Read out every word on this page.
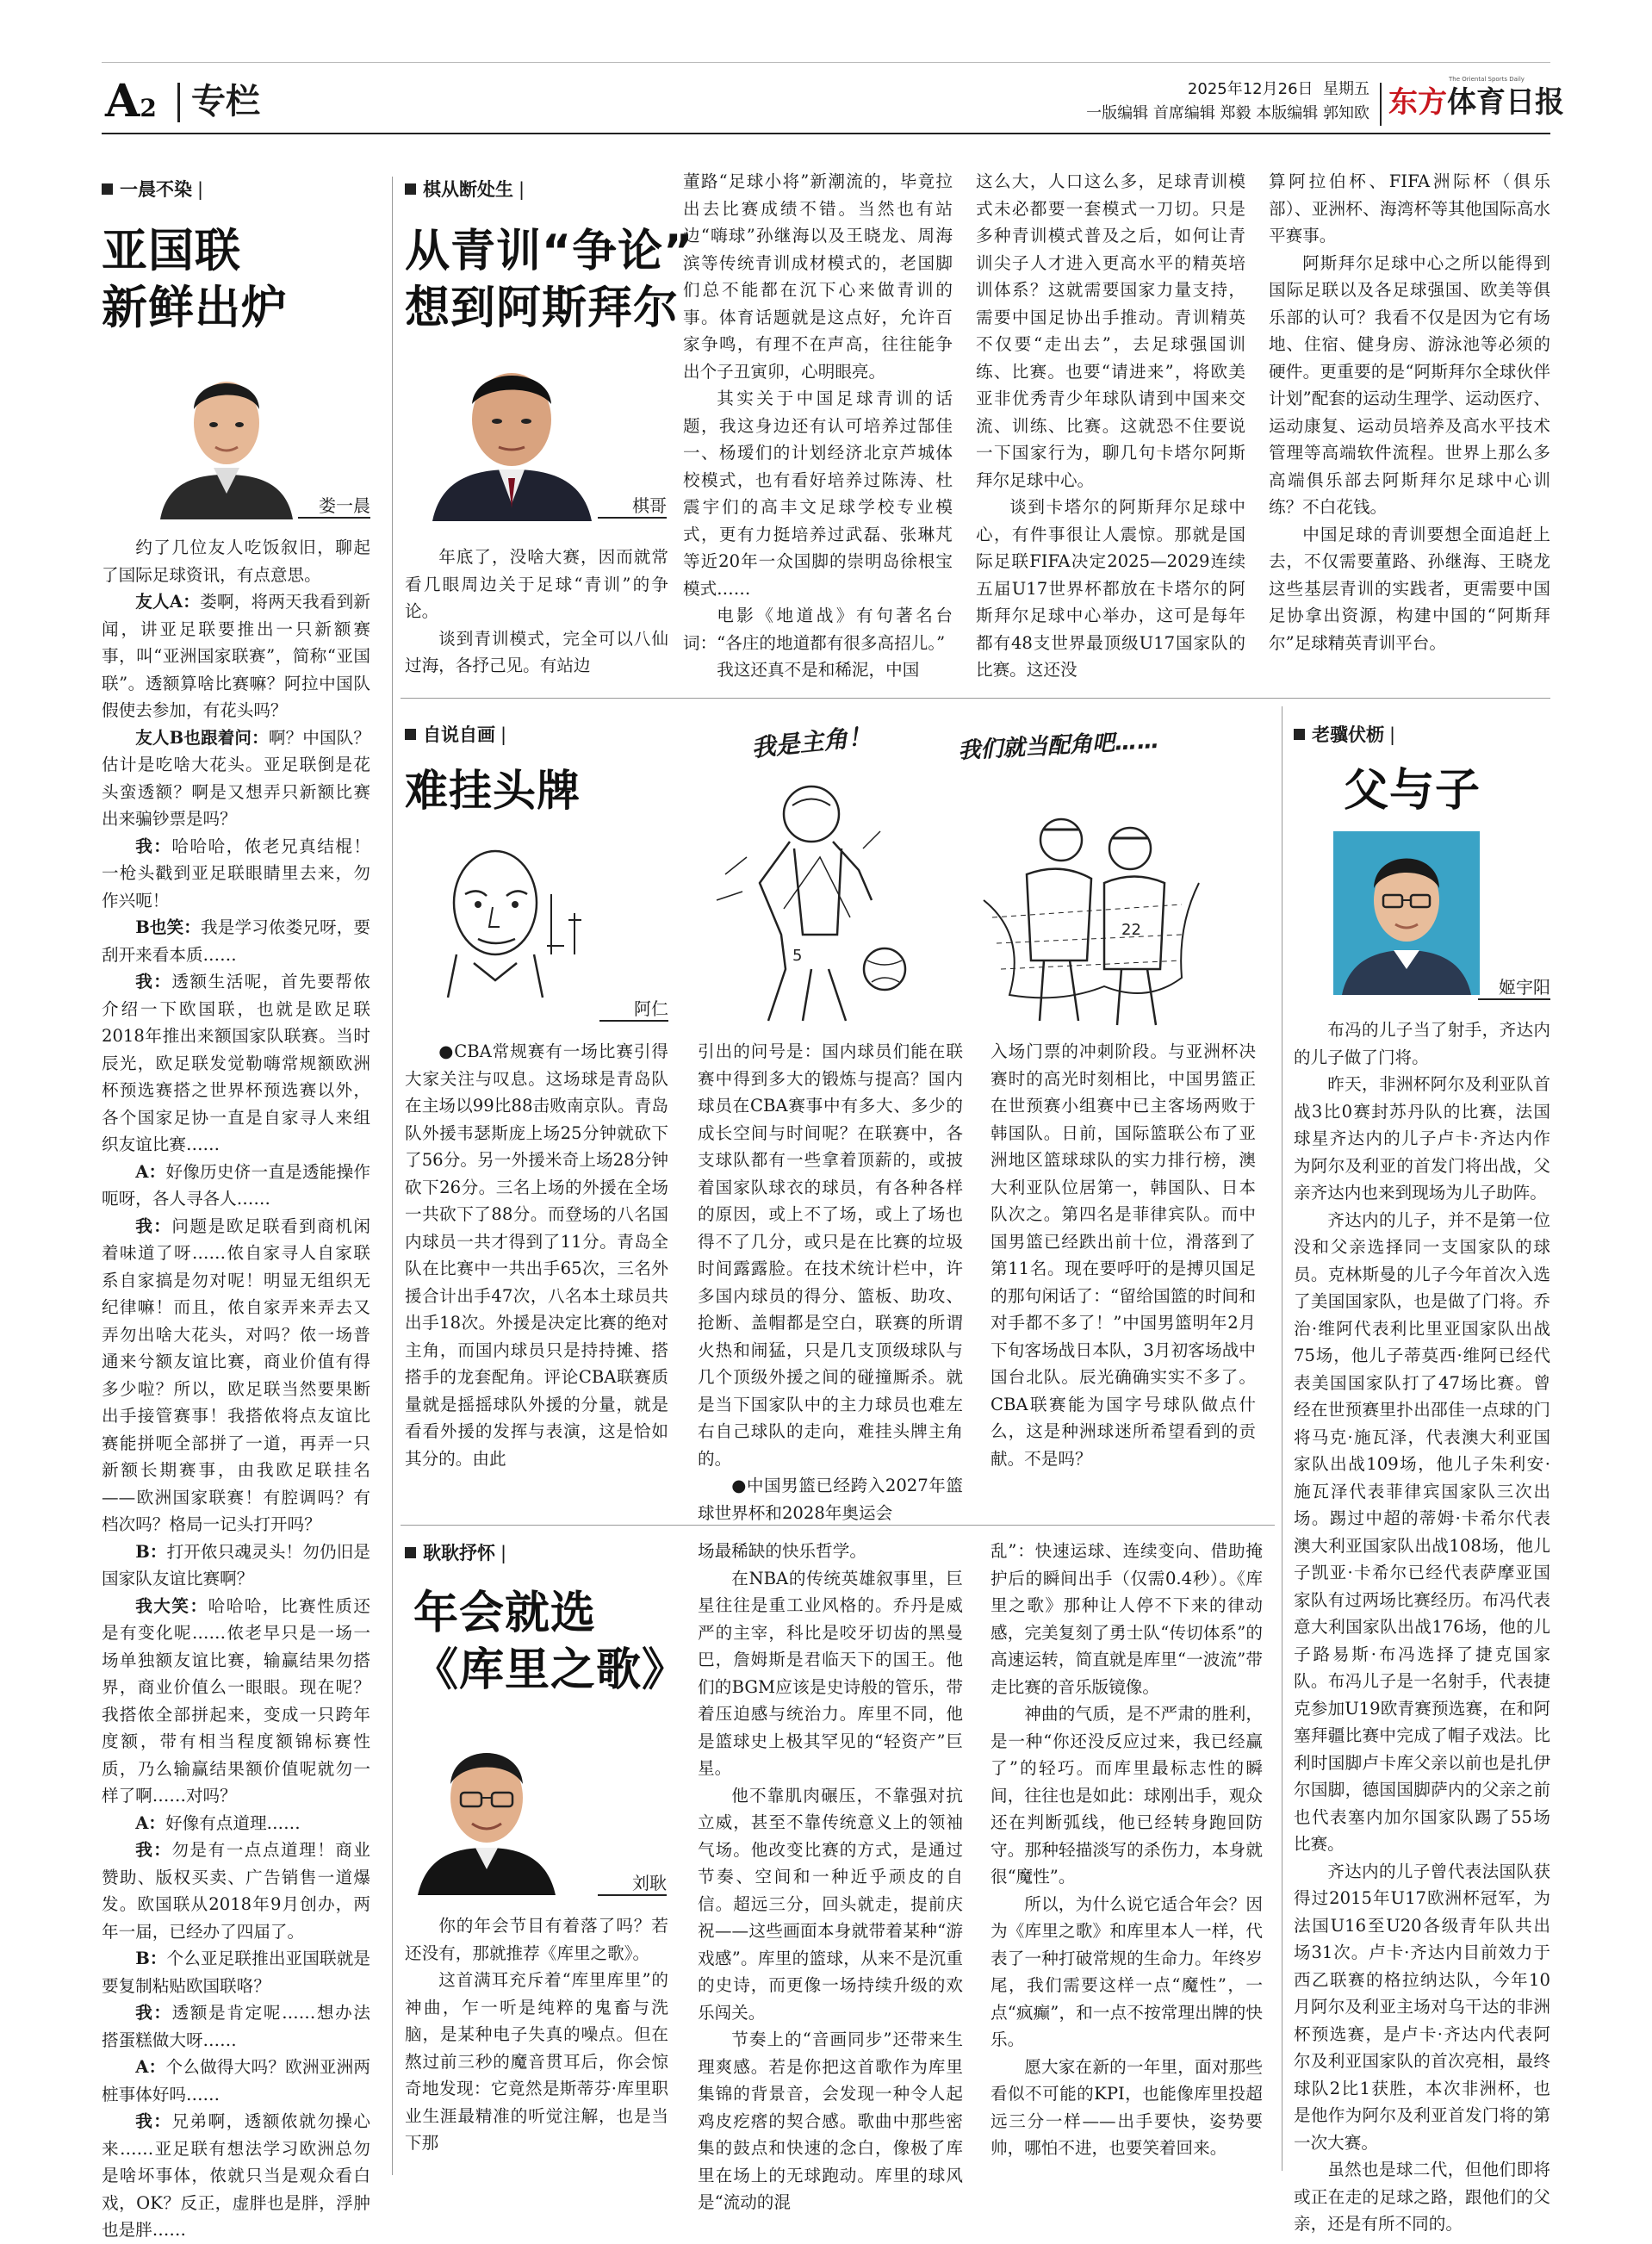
A2 专栏	2025年12月26日 星期五
一版编辑 首席编辑 郑毅 本版编辑 郭知欧
The Oriental Sports Daily
东方体育日报
一晨不染 |
亚国联
新鲜出炉
娄一晨

约了几位友人吃饭叙旧，聊起了国际足球资讯，有点意思。

友人A：娄啊，将两天我看到新闻，讲亚足联要推出一只新额赛事，叫“亚洲国家联赛”，简称“亚国联”。透额算啥比赛嘛？阿拉中国队假使去参加，有花头吗？

友人B也跟着问：啊？中国队？估计是吃啥大花头。亚足联倒是花头蛮透额？啊是又想弄只新额比赛出来骗钞票是吗？

我：哈哈哈，侬老兄真结棍！一枪头戳到亚足联眼睛里去来，勿作兴呃！

B也笑：我是学习侬娄兄呀，要刮开来看本质……

我：透额生活呢，首先要帮侬介绍一下欧国联，也就是欧足联2018年推出来额国家队联赛。当时辰光，欧足联发觉勒嗨常规额欧洲杯预选赛搭之世界杯预选赛以外，各个国家足协一直是自家寻人来组织友谊比赛……

A：好像历史侪一直是透能操作呃呀，各人寻各人……

我：问题是欧足联看到商机闲着味道了呀……侬自家寻人自家联系自家搞是勿对呢！明显无组织无纪律嘛！而且，侬自家弄来弄去又弄勿出啥大花头，对吗？侬一场普通来兮额友谊比赛，商业价值有得多少啦？所以，欧足联当然要果断出手接管赛事！我搭侬将点友谊比赛能拼呃全部拼了一道，再弄一只新额长期赛事，由我欧足联挂名——欧洲国家联赛！有腔调吗？有档次吗？格局一记头打开吗？

B：打开侬只魂灵头！勿仍旧是国家队友谊比赛啊？

我大笑：哈哈哈，比赛性质还是有变化呢……侬老早只是一场一场单独额友谊比赛，输赢结果勿搭界，商业价值么一眼眼。现在呢？我搭侬全部拼起来，变成一只跨年度额，带有相当程度额锦标赛性质，乃么输赢结果额价值呢就勿一样了啊……对吗？

A：好像有点道理……

我：勿是有一点点道理！商业赞助、版权买卖、广告销售一道爆发。欧国联从2018年9月创办，两年一届，已经办了四届了。

B：个么亚足联推出亚国联就是要复制粘贴欧国联咯？

我：透额是肯定呢……想办法搭蛋糕做大呀……

A：个么做得大吗？欧洲亚洲两桩事体好吗……

我：兄弟啊，透额侬就勿操心来……亚足联有想法学习欧洲总勿是啥坏事体，侬就只当是观众看白戏，OK？反正，虚胖也是胖，浮肿也是胖……

棋从断处生 |
从青训“争论”
想到阿斯拜尔
棋哥

年底了，没啥大赛，因而就常看几眼周边关于足球“青训”的争论。

谈到青训模式，完全可以八仙过海，各抒己见。有站边

董路“足球小将”新潮流的，毕竟拉出去比赛成绩不错。当然也有站边“嗨球”孙继海以及王晓龙、周海滨等传统青训成材模式的，老国脚们总不能都在沉下心来做青训的事。体育话题就是这点好，允许百家争鸣，有理不在声高，往往能争出个子丑寅卯，心明眼亮。

其实关于中国足球青训的话题，我这身边还有认可培养过郜佳一、杨瑷们的计划经济北京芦城体校模式，也有看好培养过陈涛、杜震宇们的高丰文足球学校专业模式，更有力挺培养过武磊、张琳芃等近20年一众国脚的崇明岛徐根宝模式……

电影《地道战》有句著名台词：“各庄的地道都有很多高招儿。”

我这还真不是和稀泥，中国

这么大，人口这么多，足球青训模式未必都要一套模式一刀切。只是多种青训模式普及之后，如何让青训尖子人才进入更高水平的精英培训体系？这就需要国家力量支持，需要中国足协出手推动。青训精英不仅要“走出去”，去足球强国训练、比赛。也要“请进来”，将欧美亚非优秀青少年球队请到中国来交流、训练、比赛。这就恐不住要说一下国家行为，聊几句卡塔尔阿斯拜尔足球中心。

谈到卡塔尔的阿斯拜尔足球中心，有件事很让人震惊。那就是国际足联FIFA决定2025—2029连续五届U17世界杯都放在卡塔尔的阿斯拜尔足球中心举办，这可是每年都有48支世界最顶级U17国家队的比赛。这还没

算阿拉伯杯、FIFA洲际杯（俱乐部）、亚洲杯、海湾杯等其他国际高水平赛事。

阿斯拜尔足球中心之所以能得到国际足联以及各足球强国、欧美等俱乐部的认可？我看不仅是因为它有场地、住宿、健身房、游泳池等必须的硬件。更重要的是“阿斯拜尔全球伙伴计划”配套的运动生理学、运动医疗、运动康复、运动员培养及高水平技术管理等高端软件流程。世界上那么多高端俱乐部去阿斯拜尔足球中心训练？不白花钱。

中国足球的青训要想全面追赶上去，不仅需要董路、孙继海、王晓龙这些基层青训的实践者，更需要中国足协拿出资源，构建中国的“阿斯拜尔”足球精英青训平台。

自说自画 |
难挂头牌
阿仁
5
22
我是主角！	我们就当配角吧……

●CBA常规赛有一场比赛引得大家关注与叹息。这场球是青岛队在主场以99比88击败南京队。青岛队外援韦瑟斯庞上场25分钟就砍下了56分。另一外援米奇上场28分钟砍下26分。三名上场的外援在全场一共砍下了88分。而登场的八名国内球员一共才得到了11分。青岛全队在比赛中一共出手65次，三名外援合计出手47次，八名本土球员共出手18次。外援是决定比赛的绝对主角，而国内球员只是持持摊、搭搭手的龙套配角。评论CBA联赛质量就是摇摇球队外援的分量，就是看看外援的发挥与表演，这是恰如其分的。由此

引出的问号是：国内球员们能在联赛中得到多大的锻炼与提高？国内球员在CBA赛事中有多大、多少的成长空间与时间呢？在联赛中，各支球队都有一些拿着顶薪的，或披着国家队球衣的球员，有各种各样的原因，或上不了场，或上了场也得不了几分，或只是在比赛的垃圾时间露露脸。在技术统计栏中，许多国内球员的得分、篮板、助攻、抢断、盖帽都是空白，联赛的所谓火热和闹猛，只是几支顶级球队与几个顶级外援之间的碰撞厮杀。就是当下国家队中的主力球员也难左右自己球队的走向，难挂头牌主角的。

●中国男篮已经跨入2027年篮球世界杯和2028年奥运会

入场门票的冲刺阶段。与亚洲杯决赛时的高光时刻相比，中国男篮正在世预赛小组赛中已主客场两败于韩国队。日前，国际篮联公布了亚洲地区篮球球队的实力排行榜，澳大利亚队位居第一，韩国队、日本队次之。第四名是菲律宾队。而中国男篮已经跌出前十位，滑落到了第11名。现在要呼吁的是搏贝国足的那句闲话了：“留给国篮的时间和对手都不多了！”中国男篮明年2月下旬客场战日本队，3月初客场战中国台北队。辰光确确实实不多了。CBA联赛能为国字号球队做点什么，这是种洲球迷所希望看到的贡献。不是吗？

老骥伏枥 |
父与子
姬宇阳

布冯的儿子当了射手，齐达内的儿子做了门将。

昨天，非洲杯阿尔及利亚队首战3比0赛封苏丹队的比赛，法国球星齐达内的儿子卢卡·齐达内作为阿尔及利亚的首发门将出战，父亲齐达内也来到现场为儿子助阵。

齐达内的儿子，并不是第一位没和父亲选择同一支国家队的球员。克林斯曼的儿子今年首次入选了美国国家队，也是做了门将。乔治·维阿代表利比里亚国家队出战75场，他儿子蒂莫西·维阿已经代表美国国家队打了47场比赛。曾经在世预赛里扑出邵佳一点球的门将马克·施瓦泽，代表澳大利亚国家队出战109场，他儿子朱利安·施瓦泽代表菲律宾国家队三次出场。踢过中超的蒂姆·卡希尔代表澳大利亚国家队出战108场，他儿子凯亚·卡希尔已经代表萨摩亚国家队有过两场比赛经历。布冯代表意大利国家队出战176场，他的儿子路易斯·布冯选择了捷克国家队。布冯儿子是一名射手，代表捷克参加U19欧青赛预选赛，在和阿塞拜疆比赛中完成了帽子戏法。比利时国脚卢卡库父亲以前也是扎伊尔国脚，德国国脚萨内的父亲之前也代表塞内加尔国家队踢了55场比赛。

齐达内的儿子曾代表法国队获得过2015年U17欧洲杯冠军，为法国U16至U20各级青年队共出场31次。卢卡·齐达内目前效力于西乙联赛的格拉纳达队，今年10月阿尔及利亚主场对乌干达的非洲杯预选赛，是卢卡·齐达内代表阿尔及利亚国家队的首次亮相，最终球队2比1获胜，本次非洲杯，也是他作为阿尔及利亚首发门将的第一次大赛。

虽然也是球二代，但他们即将或正在走的足球之路，跟他们的父亲，还是有所不同的。

耿耿抒怀 |
年会就选
《库里之歌》
刘耿

你的年会节目有着落了吗？若还没有，那就推荐《库里之歌》。

这首满耳充斥着“库里库里”的神曲，乍一听是纯粹的鬼畜与洗脑，是某种电子失真的噪点。但在熬过前三秒的魔音贯耳后，你会惊奇地发现：它竟然是斯蒂芬·库里职业生涯最精准的听觉注解，也是当下那

场最稀缺的快乐哲学。

在NBA的传统英雄叙事里，巨星往往是重工业风格的。乔丹是威严的主宰，科比是咬牙切齿的黑曼巴，詹姆斯是君临天下的国王。他们的BGM应该是史诗般的管乐，带着压迫感与统治力。库里不同，他是篮球史上极其罕见的“轻资产”巨星。

他不靠肌肉碾压，不靠强对抗立威，甚至不靠传统意义上的领袖气场。他改变比赛的方式，是通过节奏、空间和一种近乎顽皮的自信。超远三分，回头就走，提前庆祝——这些画面本身就带着某种“游戏感”。库里的篮球，从来不是沉重的史诗，而更像一场持续升级的欢乐闯关。

节奏上的“音画同步”还带来生理爽感。若是你把这首歌作为库里集锦的背景音，会发现一种令人起鸡皮疙瘩的契合感。歌曲中那些密集的鼓点和快速的念白，像极了库里在场上的无球跑动。库里的球风是“流动的混

乱”：快速运球、连续变向、借助掩护后的瞬间出手（仅需0.4秒）。《库里之歌》那种让人停不下来的律动感，完美复刻了勇士队“传切体系”的高速运转，简直就是库里“一波流”带走比赛的音乐版镜像。

神曲的气质，是不严肃的胜利，是一种“你还没反应过来，我已经赢了”的轻巧。而库里最标志性的瞬间，往往也是如此：球刚出手，观众还在判断弧线，他已经转身跑回防守。那种轻描淡写的杀伤力，本身就很“魔性”。

所以，为什么说它适合年会？因为《库里之歌》和库里本人一样，代表了一种打破常规的生命力。年终岁尾，我们需要这样一点“魔性”，一点“疯癫”，和一点不按常理出牌的快乐。

愿大家在新的一年里，面对那些看似不可能的KPI，也能像库里投超远三分一样——出手要快，姿势要帅，哪怕不进，也要笑着回来。
